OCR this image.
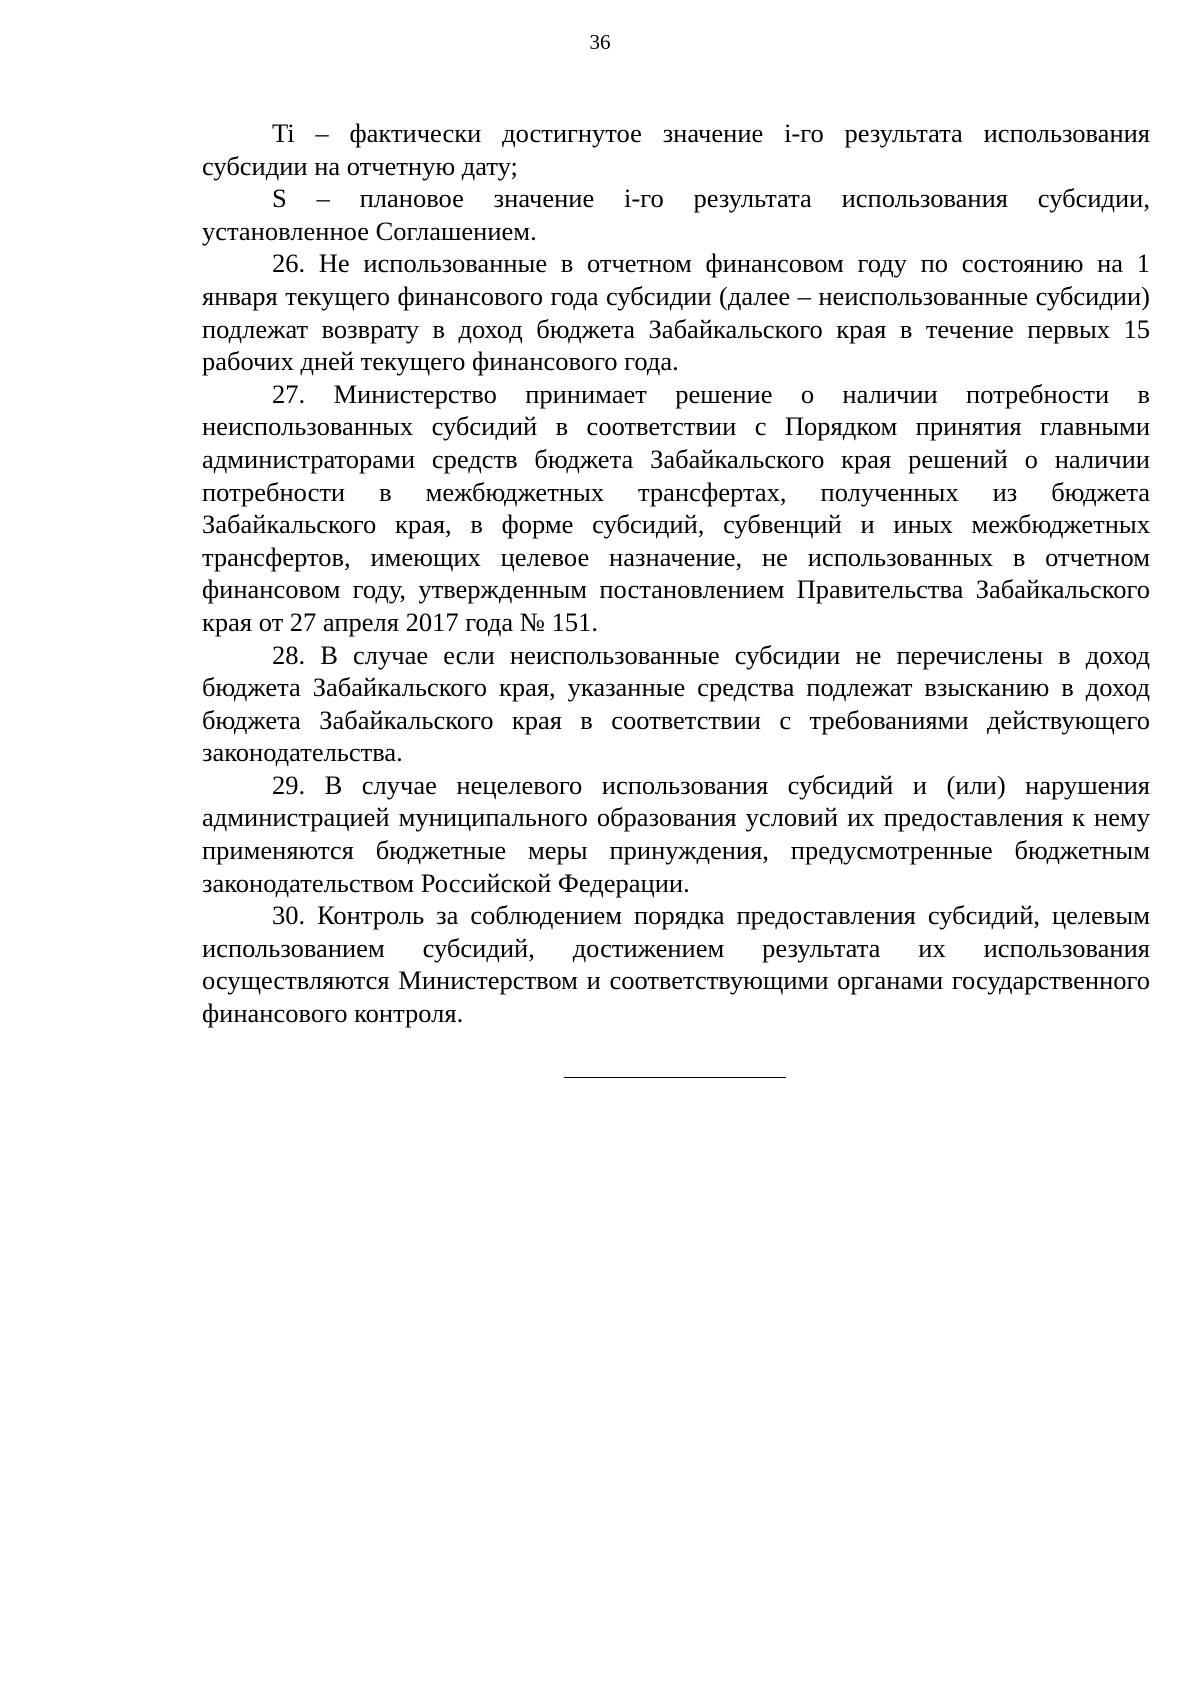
36

Ti – фактически достигнутое значение i-го результата использования субсидии на отчетную дату;

S – плановое значение i-го результата использования субсидии, установленное Соглашением.

26. Не использованные в отчетном финансовом году по состоянию на 1 января текущего финансового года субсидии (далее – неиспользованные субсидии) подлежат возврату в доход бюджета Забайкальского края в течение первых 15 рабочих дней текущего финансового года.

27. Министерство принимает решение о наличии потребности в неиспользованных субсидий в соответствии с Порядком принятия главными администраторами средств бюджета Забайкальского края решений о наличии потребности в межбюджетных трансфертах, полученных из бюджета Забайкальского края, в форме субсидий, субвенций и иных межбюджетных трансфертов, имеющих целевое назначение, не использованных в отчетном финансовом году, утвержденным постановлением Правительства Забайкальского края от 27 апреля 2017 года № 151.

28. В случае если неиспользованные субсидии не перечислены в доход бюджета Забайкальского края, указанные средства подлежат взысканию в доход бюджета Забайкальского края в соответствии с требованиями действующего законодательства.

29. В случае нецелевого использования субсидий и (или) нарушения администрацией муниципального образования условий их предоставления к нему применяются бюджетные меры принуждения, предусмотренные бюджетным законодательством Российской Федерации.

30. Контроль за соблюдением порядка предоставления субсидий, целевым использованием субсидий, достижением результата их использования осуществляются Министерством и соответствующими органами государственного финансового контроля.
